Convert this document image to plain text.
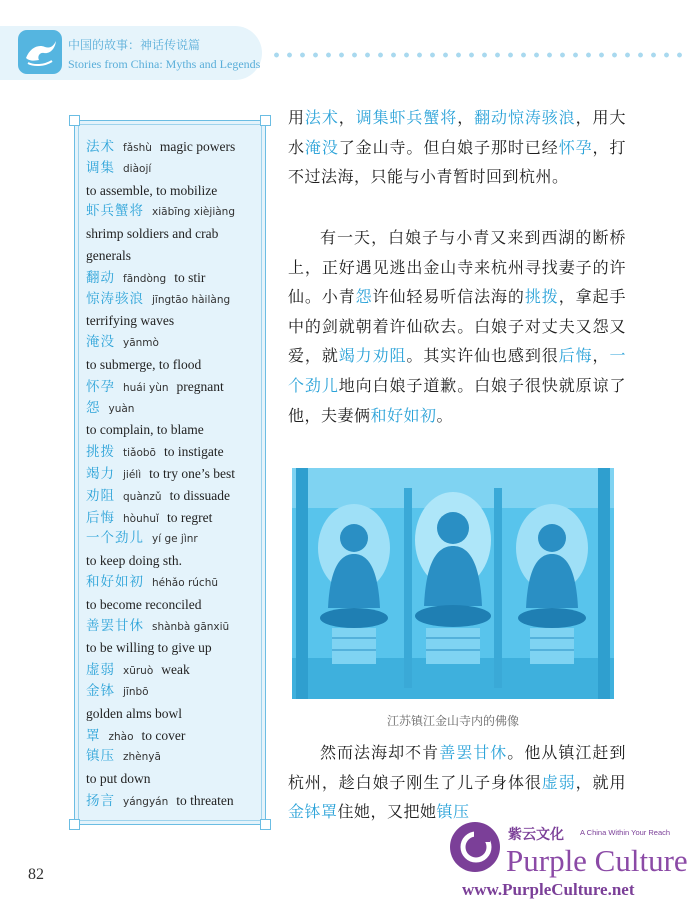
中国的故事：神话传说篇
Stories from China: Myths and Legends
法术 fǎshù magic powers
调集 diàojí
to assemble, to mobilize
虾兵蟹将 xiābīng xièjiàng
shrimp soldiers and crab
generals
翻动 fāndòng to stir
惊涛骇浪 jīngtāo hàilàng
terrifying waves
淹没 yānmò
to submerge, to flood
怀孕 huái yùn pregnant
怨 yuàn
to complain, to blame
挑拨 tiǎobō to instigate
竭力 jiélì to try one’s best
劝阻 quànzǔ to dissuade
后悔 hòuhuǐ to regret
一个劲儿 yí ge jìnr
to keep doing sth.
和好如初 héhǎo rúchū
to become reconciled
善罢甘休 shànbà gānxiū
to be willing to give up
虚弱 xūruò weak
金钵 jīnbō
golden alms bowl
罩 zhào to cover
镇压 zhènyā
to put down
扬言 yángyán to threaten

用法术，调集虾兵蟹将，翻动惊涛骇浪，用大水淹没了金山寺。但白娘子那时已经怀孕，打不过法海，只能与小青暂时回到杭州。

有一天，白娘子与小青又来到西湖的断桥上，正好遇见逃出金山寺来杭州寻找妻子的许仙。小青怨许仙轻易听信法海的挑拨，拿起手中的剑就朝着许仙砍去。白娘子对丈夫又怨又爱，就竭力劝阻。其实许仙也感到很后悔，一个劲儿地向白娘子道歉。白娘子很快就原谅了他，夫妻俩和好如初。

江苏镇江金山寺内的佛像

然而法海却不肯善罢甘休。他从镇江赶到杭州，趁白娘子刚生了儿子身体很虚弱，就用金钵罩住她，又把她镇压

82
紫云文化 A China Within Your Reach
Purple Culture
www.PurpleCulture.net
